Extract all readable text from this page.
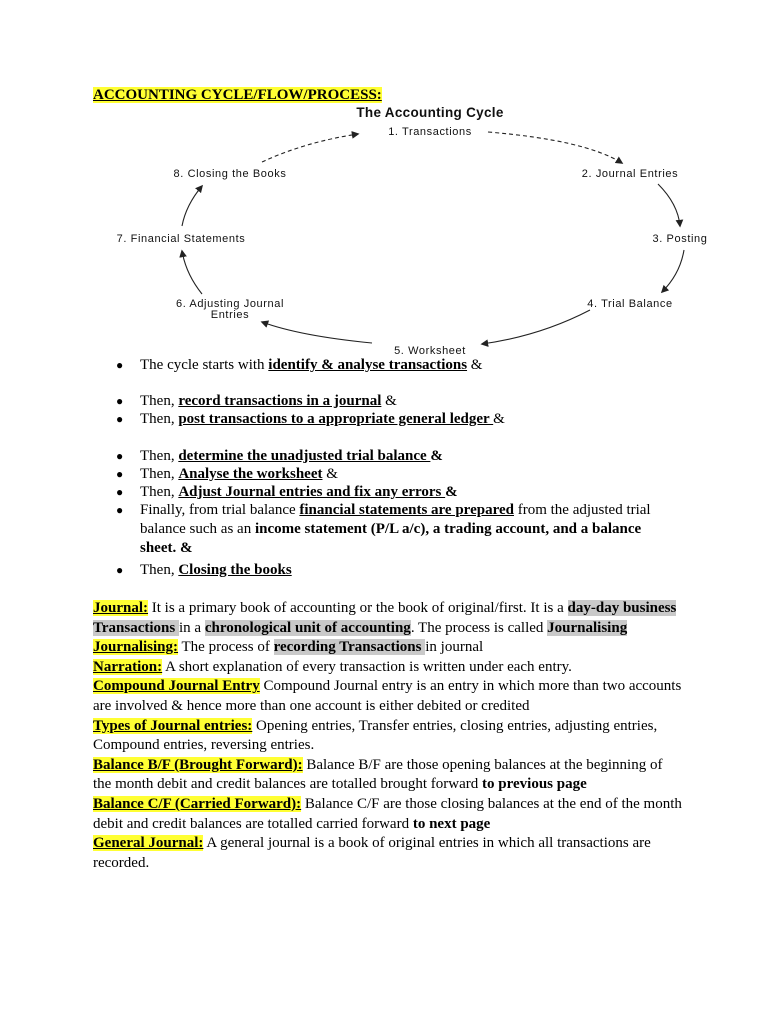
ACCOUNTING CYCLE/FLOW/PROCESS:
The Accounting Cycle
1. Transactions
2. Journal Entries
3. Posting
4. Trial Balance
5. Worksheet
6. Adjusting Journal
Entries
7. Financial Statements
8. Closing the Books
● The cycle starts with identify & analyse transactions &
● Then, record transactions in a journal &
● Then, post transactions to a appropriate general ledger &
● Then, determine the unadjusted trial balance &
● Then, Analyse the worksheet &
● Then, Adjust Journal entries and fix any errors &
● Finally, from trial balance financial statements are prepared from the adjusted trial balance such as an income statement (P/L a/c), a trading account, and a balance sheet. &
● Then, Closing the books

Journal: It is a primary book of accounting or the book of original/first. It is a day-day business Transactions in a chronological unit of accounting. The process is called Journalising

Journalising: The process of recording Transactions in journal

Narration: A short explanation of every transaction is written under each entry.

Compound Journal Entry Compound Journal entry is an entry in which more than two accounts are involved & hence more than one account is either debited or credited

Types of Journal entries: Opening entries, Transfer entries, closing entries, adjusting entries, Compound entries, reversing entries.

Balance B/F (Brought Forward): Balance B/F are those opening balances at the beginning of the month debit and credit balances are totalled brought forward to previous page

Balance C/F (Carried Forward): Balance C/F are those closing balances at the end of the month debit and credit balances are totalled carried forward to next page

General Journal: A general journal is a book of original entries in which all transactions are recorded.
